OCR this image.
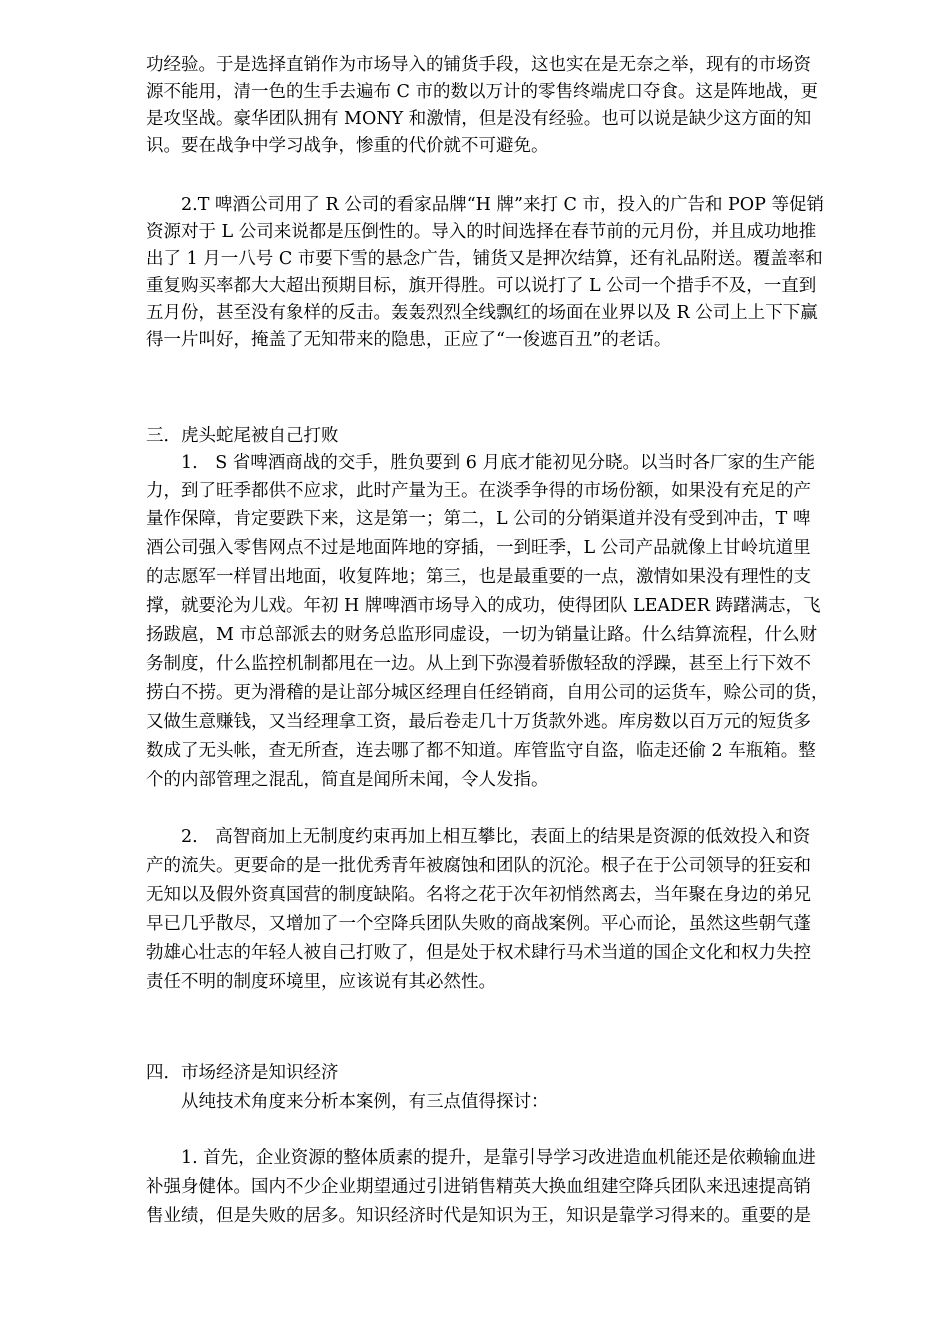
功经验。于是选择直销作为市场导入的铺货手段，这也实在是无奈之举，现有的市场资
源不能用，清一色的生手去遍布 C 市的数以万计的零售终端虎口夺食。这是阵地战，更
是攻坚战。豪华团队拥有 MONY 和激情，但是没有经验。也可以说是缺少这方面的知
识。要在战争中学习战争，惨重的代价就不可避免。
2.T 啤酒公司用了 R 公司的看家品牌“H 牌”来打 C 市，投入的广告和 POP 等促销
资源对于 L 公司来说都是压倒性的。导入的时间选择在春节前的元月份，并且成功地推
出了 1 月一八号 C 市要下雪的悬念广告，铺货又是押次结算，还有礼品附送。覆盖率和
重复购买率都大大超出预期目标，旗开得胜。可以说打了 L 公司一个措手不及，一直到
五月份，甚至没有象样的反击。轰轰烈烈全线飘红的场面在业界以及 R 公司上上下下赢
得一片叫好，掩盖了无知带来的隐患，正应了“一俊遮百丑”的老话。
三．虎头蛇尾被自己打败
1.　S 省啤酒商战的交手，胜负要到 6 月底才能初见分晓。以当时各厂家的生产能
力，到了旺季都供不应求，此时产量为王。在淡季争得的市场份额，如果没有充足的产
量作保障，肯定要跌下来，这是第一；第二，L 公司的分销渠道并没有受到冲击，T 啤
酒公司强入零售网点不过是地面阵地的穿插，一到旺季，L 公司产品就像上甘岭坑道里
的志愿军一样冒出地面，收复阵地；第三，也是最重要的一点，激情如果没有理性的支
撑，就要沦为儿戏。年初 H 牌啤酒市场导入的成功，使得团队 LEADER 踌躇满志，飞
扬跋扈，M 市总部派去的财务总监形同虚设，一切为销量让路。什么结算流程，什么财
务制度，什么监控机制都甩在一边。从上到下弥漫着骄傲轻敌的浮躁，甚至上行下效不
捞白不捞。更为滑稽的是让部分城区经理自任经销商，自用公司的运货车，赊公司的货，
又做生意赚钱，又当经理拿工资，最后卷走几十万货款外逃。库房数以百万元的短货多
数成了无头帐，查无所查，连去哪了都不知道。库管监守自盗，临走还偷 2 车瓶箱。整
个的内部管理之混乱，简直是闻所未闻，令人发指。
2.　高智商加上无制度约束再加上相互攀比，表面上的结果是资源的低效投入和资
产的流失。更要命的是一批优秀青年被腐蚀和团队的沉沦。根子在于公司领导的狂妄和
无知以及假外资真国营的制度缺陷。名将之花于次年初悄然离去，当年聚在身边的弟兄
早已几乎散尽，又增加了一个空降兵团队失败的商战案例。平心而论，虽然这些朝气蓬
勃雄心壮志的年轻人被自己打败了，但是处于权术肆行马术当道的国企文化和权力失控
责任不明的制度环境里，应该说有其必然性。
四．市场经济是知识经济
从纯技术角度来分析本案例，有三点值得探讨：
1. 首先，企业资源的整体质素的提升，是靠引导学习改进造血机能还是依赖输血进
补强身健体。国内不少企业期望通过引进销售精英大换血组建空降兵团队来迅速提高销
售业绩，但是失败的居多。知识经济时代是知识为王，知识是靠学习得来的。重要的是
